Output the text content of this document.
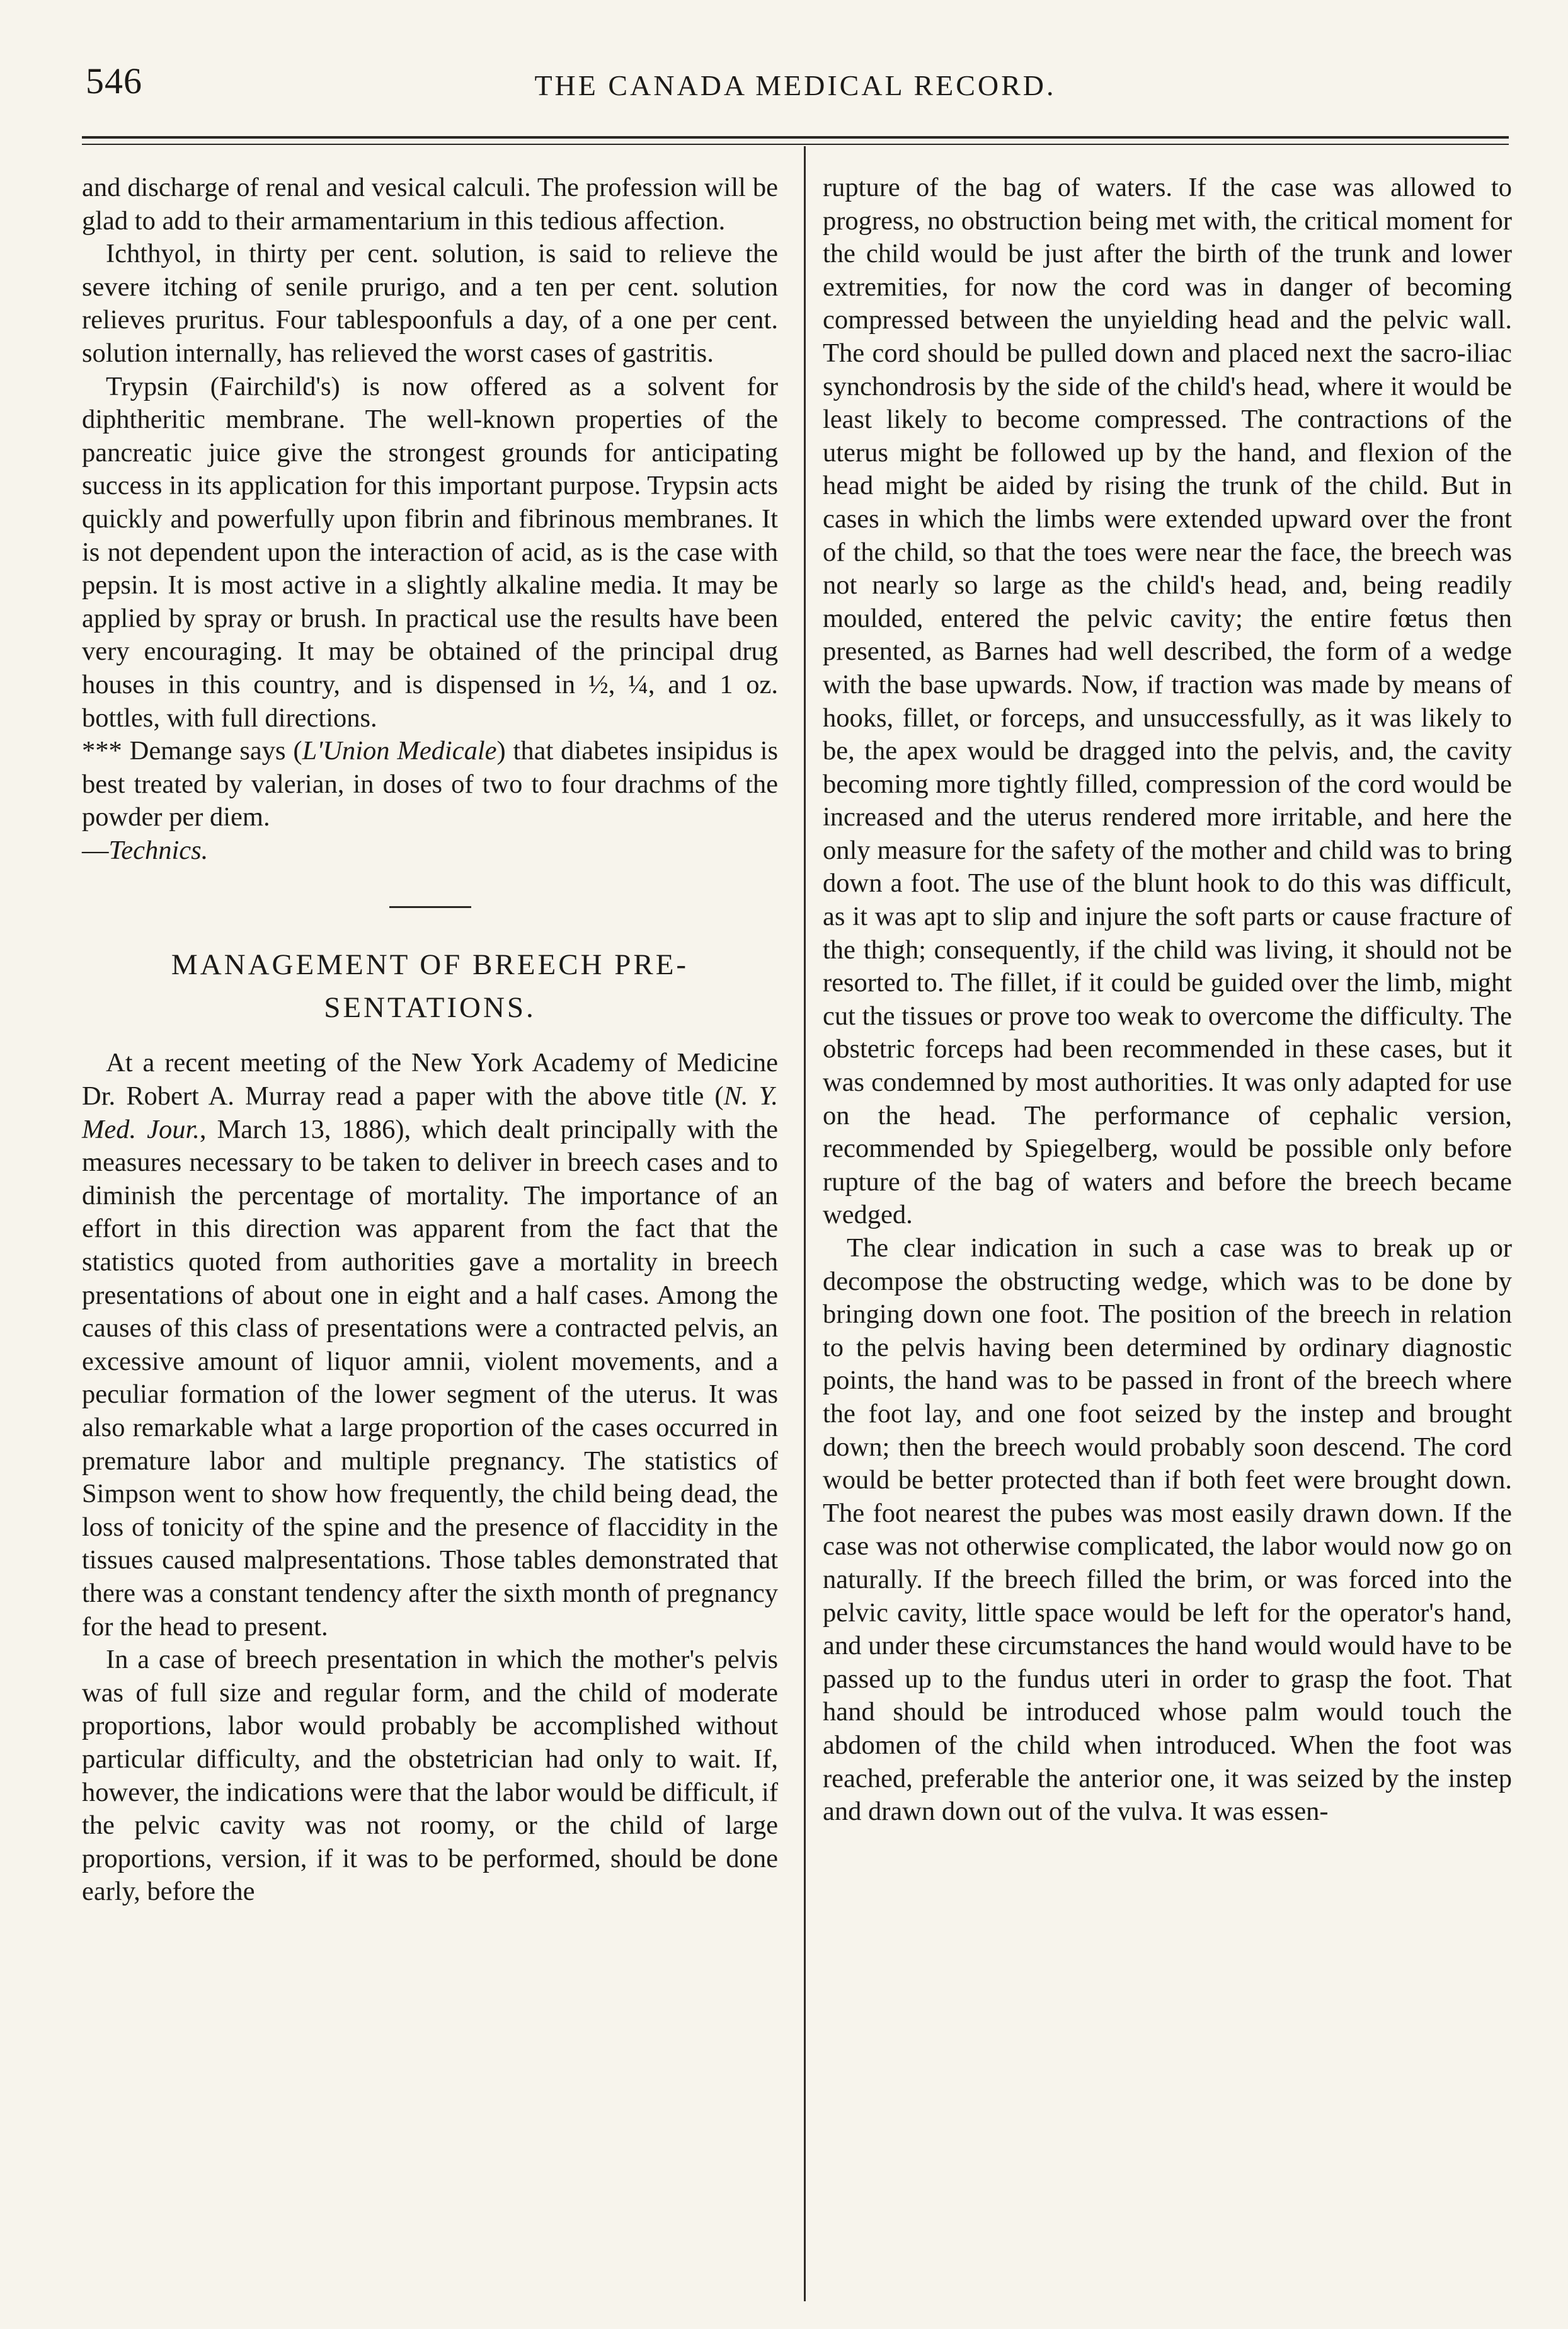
546	THE CANADA MEDICAL RECORD.

and discharge of renal and vesical calculi. The profession will be glad to add to their armamentarium in this tedious affection.

Ichthyol, in thirty per cent. solution, is said to relieve the severe itching of senile prurigo, and a ten per cent. solution relieves pruritus. Four tablespoonfuls a day, of a one per cent. solution internally, has relieved the worst cases of gastritis.

Trypsin (Fairchild's) is now offered as a solvent for diphtheritic membrane. The well-known properties of the pancreatic juice give the strongest grounds for anticipating success in its application for this important purpose. Trypsin acts quickly and powerfully upon fibrin and fibrinous membranes. It is not dependent upon the interaction of acid, as is the case with pepsin. It is most active in a slightly alkaline media. It may be applied by spray or brush. In practical use the results have been very encouraging. It may be obtained of the principal drug houses in this country, and is dispensed in ½, ¼, and 1 oz. bottles, with full directions.

*** Demange says (L'Union Medicale) that diabetes insipidus is best treated by valerian, in doses of two to four drachms of the powder per diem.

—Technics.

MANAGEMENT OF BREECH PRE-
SENTATIONS.

At a recent meeting of the New York Academy of Medicine Dr. Robert A. Murray read a paper with the above title (N. Y. Med. Jour., March 13, 1886), which dealt principally with the measures necessary to be taken to deliver in breech cases and to diminish the percentage of mortality. The importance of an effort in this direction was apparent from the fact that the statistics quoted from authorities gave a mortality in breech presentations of about one in eight and a half cases. Among the causes of this class of presentations were a contracted pelvis, an excessive amount of liquor amnii, violent movements, and a peculiar formation of the lower segment of the uterus. It was also remarkable what a large proportion of the cases occurred in premature labor and multiple pregnancy. The statistics of Simpson went to show how frequently, the child being dead, the loss of tonicity of the spine and the presence of flaccidity in the tissues caused malpresentations. Those tables demonstrated that there was a constant tendency after the sixth month of pregnancy for the head to present.

In a case of breech presentation in which the mother's pelvis was of full size and regular form, and the child of moderate proportions, labor would probably be accomplished without particular difficulty, and the obstetrician had only to wait. If, however, the indications were that the labor would be difficult, if the pelvic cavity was not roomy, or the child of large proportions, version, if it was to be performed, should be done early, before the

rupture of the bag of waters. If the case was allowed to progress, no obstruction being met with, the critical moment for the child would be just after the birth of the trunk and lower extremities, for now the cord was in danger of becoming compressed between the unyielding head and the pelvic wall. The cord should be pulled down and placed next the sacro-iliac synchondrosis by the side of the child's head, where it would be least likely to become compressed. The contractions of the uterus might be followed up by the hand, and flexion of the head might be aided by rising the trunk of the child. But in cases in which the limbs were extended upward over the front of the child, so that the toes were near the face, the breech was not nearly so large as the child's head, and, being readily moulded, entered the pelvic cavity; the entire fœtus then presented, as Barnes had well described, the form of a wedge with the base upwards. Now, if traction was made by means of hooks, fillet, or forceps, and unsuccessfully, as it was likely to be, the apex would be dragged into the pelvis, and, the cavity becoming more tightly filled, compression of the cord would be increased and the uterus rendered more irritable, and here the only measure for the safety of the mother and child was to bring down a foot. The use of the blunt hook to do this was difficult, as it was apt to slip and injure the soft parts or cause fracture of the thigh; consequently, if the child was living, it should not be resorted to. The fillet, if it could be guided over the limb, might cut the tissues or prove too weak to overcome the difficulty. The obstetric forceps had been recommended in these cases, but it was condemned by most authorities. It was only adapted for use on the head. The performance of cephalic version, recommended by Spiegelberg, would be possible only before rupture of the bag of waters and before the breech became wedged.

The clear indication in such a case was to break up or decompose the obstructing wedge, which was to be done by bringing down one foot. The position of the breech in relation to the pelvis having been determined by ordinary diagnostic points, the hand was to be passed in front of the breech where the foot lay, and one foot seized by the instep and brought down; then the breech would probably soon descend. The cord would be better protected than if both feet were brought down. The foot nearest the pubes was most easily drawn down. If the case was not otherwise complicated, the labor would now go on naturally. If the breech filled the brim, or was forced into the pelvic cavity, little space would be left for the operator's hand, and under these circumstances the hand would would have to be passed up to the fundus uteri in order to grasp the foot. That hand should be introduced whose palm would touch the abdomen of the child when introduced. When the foot was reached, preferable the anterior one, it was seized by the instep and drawn down out of the vulva. It was essen-
